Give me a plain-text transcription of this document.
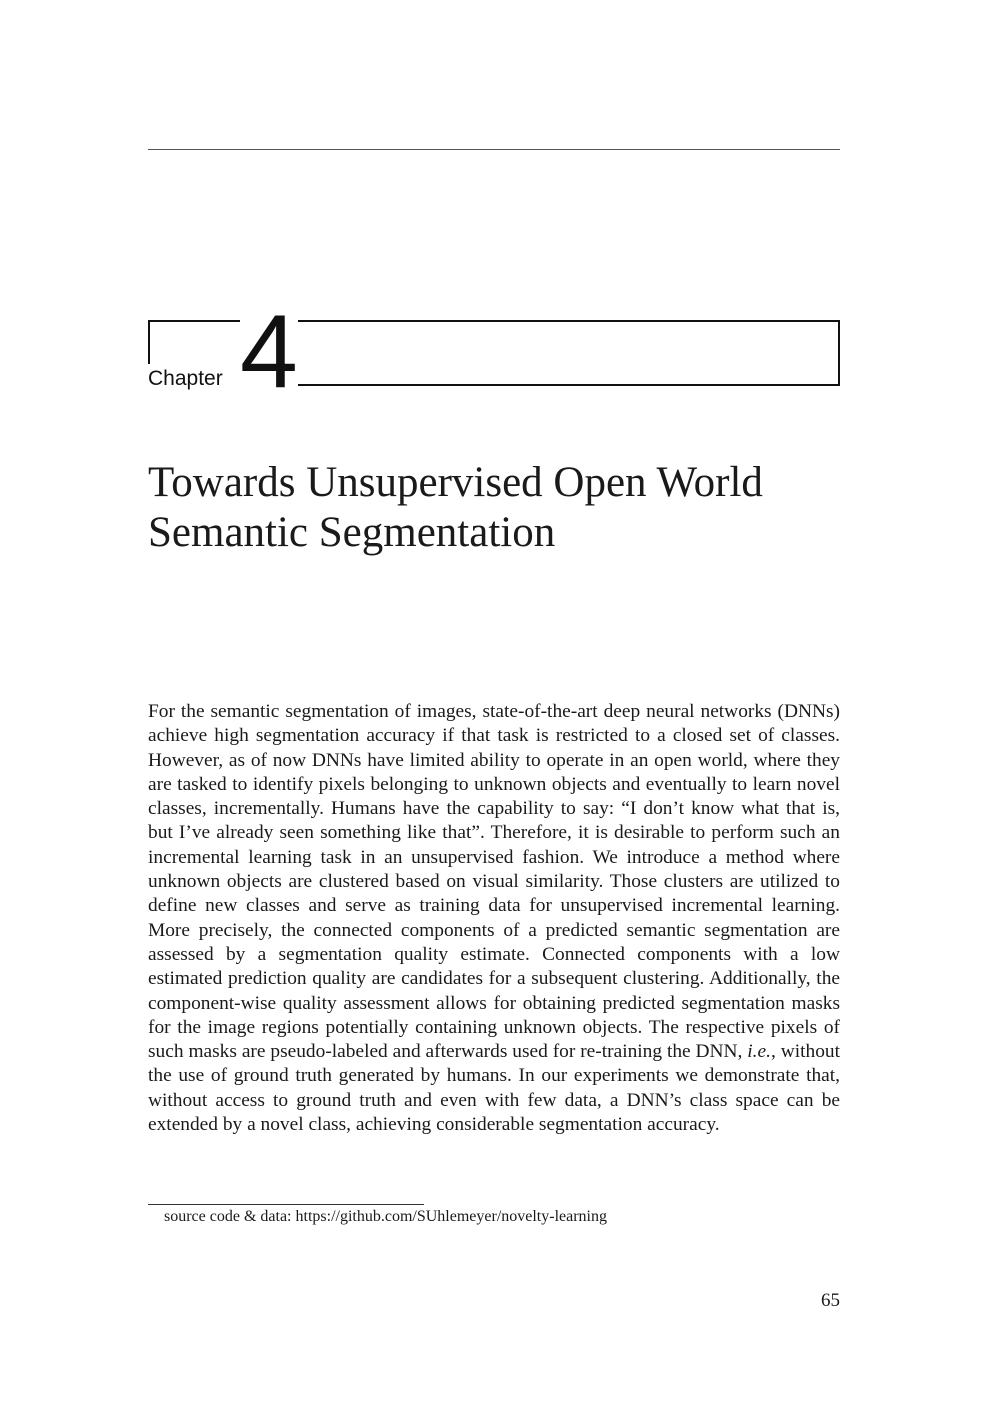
Chapter 4
Towards Unsupervised Open World
Semantic Segmentation

For the semantic segmentation of images, state-of-the-art deep neural networks (DNNs) achieve high segmentation accuracy if that task is restricted to a closed set of classes. However, as of now DNNs have limited ability to operate in an open world, where they are tasked to identify pixels belonging to unknown objects and eventually to learn novel classes, incrementally. Humans have the capability to say: “I don’t know what that is, but I’ve already seen something like that”. Therefore, it is desirable to perform such an incremental learning task in an unsupervised fashion. We introduce a method where unknown objects are clustered based on visual similarity. Those clusters are utilized to define new classes and serve as training data for unsupervised incremental learning. More precisely, the connected components of a predicted semantic segmentation are assessed by a segmentation quality estimate. Connected components with a low estimated prediction quality are candidates for a subsequent clustering. Additionally, the component-wise quality assessment allows for obtaining predicted segmentation masks for the image regions potentially containing unknown objects. The respective pixels of such masks are pseudo-labeled and afterwards used for re-training the DNN, i.e., without the use of ground truth generated by humans. In our experiments we demonstrate that, without access to ground truth and even with few data, a DNN’s class space can be extended by a novel class, achieving considerable segmentation accuracy.

source code & data: https://github.com/SUhlemeyer/novelty-learning
65
